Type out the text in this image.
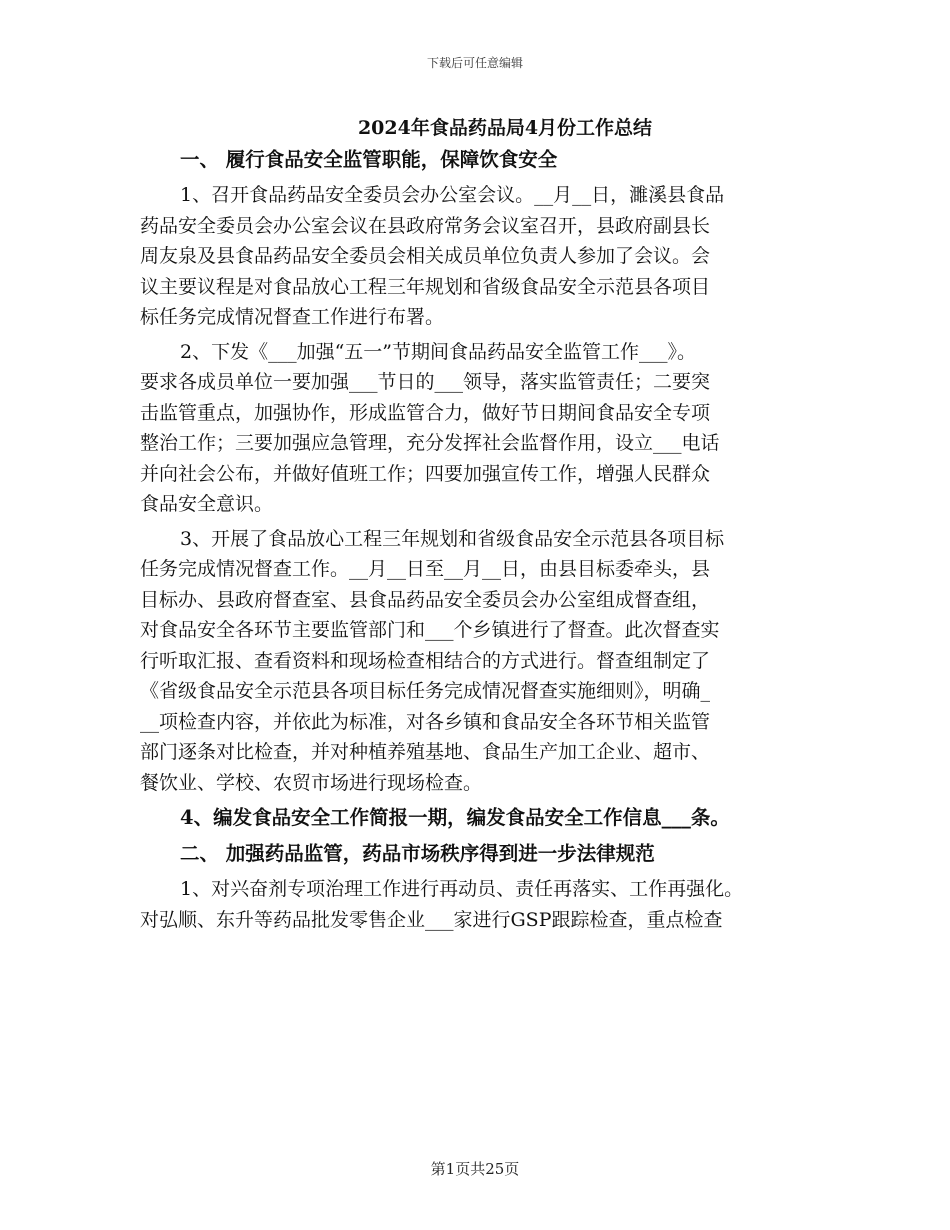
下载后可任意编辑
2024年食品药品局4月份工作总结
一、 履行食品安全监管职能，保障饮食安全
1、召开食品药品安全委员会办公室会议。__月__日，濉溪县食品
药品安全委员会办公室会议在县政府常务会议室召开，县政府副县长
周友泉及县食品药品安全委员会相关成员单位负责人参加了会议。会
议主要议程是对食品放心工程三年规划和省级食品安全示范县各项目
标任务完成情况督查工作进行布署。
2、下发《___加强“五一”节期间食品药品安全监管工作___》。
要求各成员单位一要加强___节日的___领导，落实监管责任；二要突
击监管重点，加强协作，形成监管合力，做好节日期间食品安全专项
整治工作；三要加强应急管理，充分发挥社会监督作用，设立___电话
并向社会公布，并做好值班工作；四要加强宣传工作，增强人民群众
食品安全意识。
3、开展了食品放心工程三年规划和省级食品安全示范县各项目标
任务完成情况督查工作。__月__日至__月__日，由县目标委牵头，县
目标办、县政府督查室、县食品药品安全委员会办公室组成督查组，
对食品安全各环节主要监管部门和___个乡镇进行了督查。此次督查实
行听取汇报、查看资料和现场检查相结合的方式进行。督查组制定了
《省级食品安全示范县各项目标任务完成情况督查实施细则》，明确_
__项检查内容，并依此为标准，对各乡镇和食品安全各环节相关监管
部门逐条对比检查，并对种植养殖基地、食品生产加工企业、超市、
餐饮业、学校、农贸市场进行现场检查。
4、编发食品安全工作简报一期，编发食品安全工作信息___条。
二、 加强药品监管，药品市场秩序得到进一步法律规范
1、对兴奋剂专项治理工作进行再动员、责任再落实、工作再强化。
对弘顺、东升等药品批发零售企业___家进行GSP跟踪检查，重点检查
第1页共25页
